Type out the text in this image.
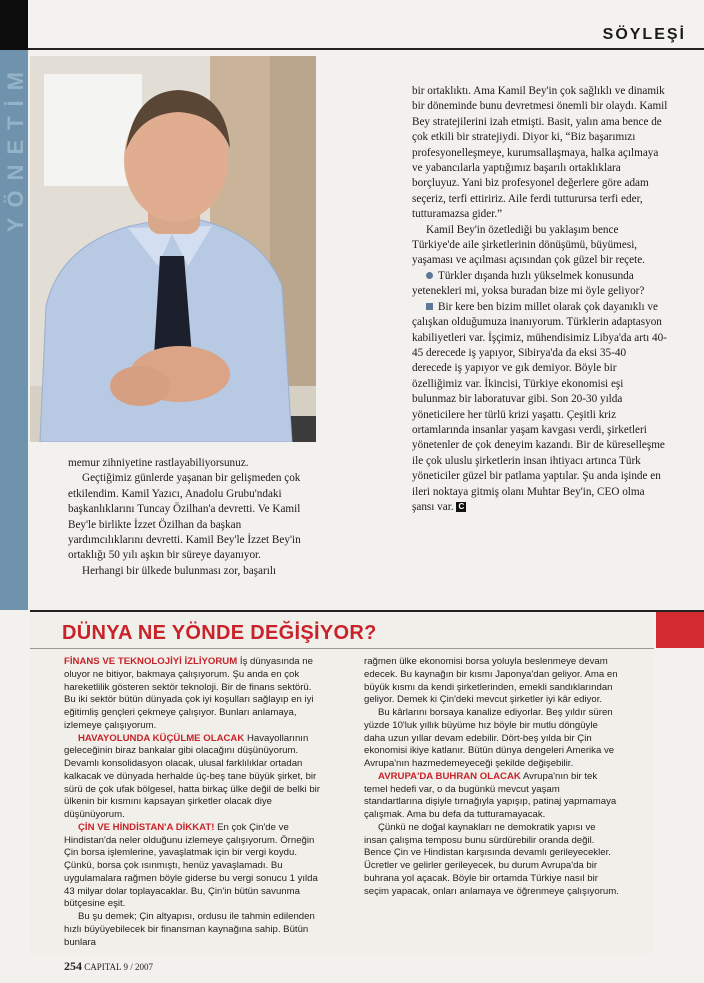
SÖYLEŞİ
YÖNETİM	bir ortaklıktı. Ama Kamil Bey'in çok sağlıklı ve dinamik bir döneminde bunu devretmesi önemli bir olaydı. Kamil Bey stratejilerini izah etmişti. Basit, yalın ama bence de çok etkili bir stratejiydi. Diyor ki, “Biz başarımızı profesyonelleşmeye, kurumsallaşmaya, halka açılmaya ve yabancılarla yaptığımız başarılı ortaklıklara borçluyuz. Yani biz profesyonel değerlere göre adam seçeriz, terfi ettiririz. Aile ferdi tutturursa terfi eder, tutturamazsa gider.”

Kamil Bey'in özetlediği bu yaklaşım bence Türkiye'de aile şirketlerinin dönüşümü, büyümesi, yaşaması ve açılması açısından çok güzel bir reçete.

Türkler dışanda hızlı yükselmek konusunda yetenekleri mi, yoksa buradan bize mi öyle geliyor?

Bir kere ben bizim millet olarak çok dayanıklı ve çalışkan olduğumuza inanıyorum. Türklerin adaptasyon kabiliyetleri var. İşçimiz, mühendisimiz Libya'da artı 40- 45 derecede iş yapıyor, Sibirya'da da eksi 35-40 derecede iş yapıyor ve gık demiyor. Böyle bir özelliğimiz var. İkincisi, Türkiye ekonomisi eşi bulunmaz bir laboratuvar gibi. Son 20-30 yılda yöneticilere her türlü krizi yaşattı. Çeşitli kriz ortamlarında insanlar yaşam kavgası verdi, şirketleri yönetenler de çok deneyim kazandı. Bir de küreselleşme ile çok uluslu şirketlerin insan ihtiyacı artınca Türk yöneticiler güzel bir patlama yaptılar. Şu anda işinde en ileri noktaya gitmiş olanı Muhtar Bey'in, CEO olma şansı var. C

memur zihniyetine rastlayabiliyorsunuz.

Geçtiğimiz günlerde yaşanan bir gelişmeden çok etkilendim. Kamil Yazıcı, Anadolu Grubu'ndaki başkanlıklarını Tuncay Özilhan'a devretti. Ve Kamil Bey'le birlikte İzzet Özilhan da başkan yardımcılıklarını devretti. Kamil Bey'le İzzet Bey'in ortaklığı 50 yılı aşkın bir süreye dayanıyor.

Herhangi bir ülkede bulunması zor, başarılı

DÜNYA NE YÖNDE DEĞİŞİYOR?

FİNANS VE TEKNOLOJİYİ İZLİYORUM İş dünyasında ne oluyor ne bitiyor, bakmaya çalışıyorum. Şu anda en çok hareketlilik gösteren sektör teknoloji. Bir de finans sektörü. Bu iki sektör bütün dünyada çok iyi koşulları sağlayıp en iyi eğitimliş gençleri çekmeye çalışıyor. Bunları anlamaya, izlemeye çalışıyorum.

HAVAYOLUNDA KÜÇÜLME OLACAK Havayollarının geleceğinin biraz bankalar gibi olacağını düşünüyorum. Devamlı konsolidasyon olacak, ulusal farklılıklar ortadan kalkacak ve dünyada herhalde üç-beş tane büyük şirket, bir sürü de çok ufak bölgesel, hatta birkaç ülke değil de belki bir ülkenin bir kısmını kapsayan şirketler olacak diye düşünüyorum.

ÇİN VE HİNDİSTAN'A DİKKAT! En çok Çin'de ve Hindistan'da neler olduğunu izlemeye çalışıyorum. Örneğin Çin borsa işlemlerine, yavaşlatmak için bir vergi koydu. Çünkü, borsa çok ısınmıştı, henüz yavaşlamadı. Bu uygulamalara rağmen böyle giderse bu vergi sonucu 1 yılda 43 milyar dolar toplayacaklar. Bu, Çin'in bütün savunma bütçesine eşit.

Bu şu demek; Çin altyapısı, ordusu ile tahmin edilenden hızlı büyüyebilecek bir finansman kaynağına sahip. Bütün bunlara

rağmen ülke ekonomisi borsa yoluyla beslenmeye devam edecek. Bu kaynağın bir kısmı Japonya'dan geliyor. Ama en büyük kısmı da kendi şirketlerinden, emekli sandıklarından geliyor. Demek ki Çin'deki mevcut şirketler iyi kâr ediyor.

Bu kârlarını borsaya kanalize ediyorlar. Beş yıldır süren yüzde 10'luk yıllık büyüme hız böyle bir mutlu döngüyle daha uzun yıllar devam edebilir. Dört-beş yılda bir Çin ekonomisi ikiye katlanır. Bütün dünya dengeleri Amerika ve Avrupa'nın hazmedemeyeceği şekilde değişebilir.

AVRUPA'DA BUHRAN OLACAK Avrupa'nın bir tek temel hedefi var, o da bugünkü mevcut yaşam standartlarına dişiyle tırnağıyla yapışıp, patinaj yapmamaya çalışmak. Ama bu defa da tutturamayacak.

Çünkü ne doğal kaynakları ne demokratik yapısı ve insan çalışma temposu bunu sürdürebilir oranda değil. Bence Çin ve Hindistan karşısında devamlı gerileyecekler. Ücretler ve gelirler gerileyecek, bu durum Avrupa'da bir buhrana yol açacak. Böyle bir ortamda Türkiye nasıl bir seçim yapacak, onları anlamaya ve öğrenmeye çalışıyorum.

254 CAPITAL 9 / 2007
